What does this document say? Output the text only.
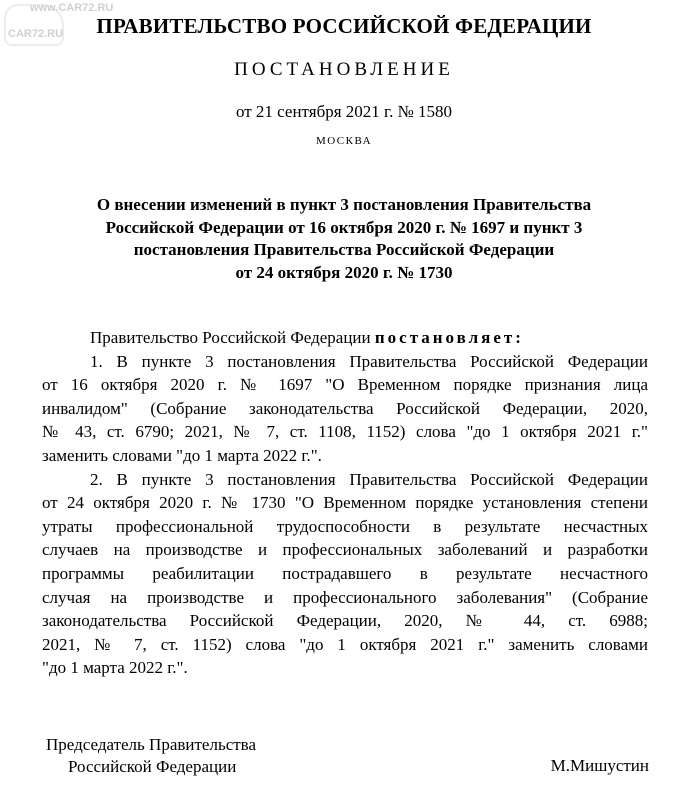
www.CAR72.RU
CAR72.RU	ПРАВИТЕЛЬСТВО РОССИЙСКОЙ ФЕДЕРАЦИИ
ПОСТАНОВЛЕНИЕ
от 21 сентября 2021 г. № 1580
МОСКВА
О внесении изменений в пункт 3 постановления Правительства
Российской Федерации от 16 октября 2020 г. № 1697 и пункт 3
постановления Правительства Российской Федерации
от 24 октября 2020 г. № 1730
Правительство Российской Федерации постановляет:
1. В пункте 3 постановления Правительства Российской Федерации
от 16 октября 2020 г. № 1697 "О Временном порядке признания лица
инвалидом" (Собрание законодательства Российской Федерации, 2020,
№ 43, ст. 6790; 2021, № 7, ст. 1108, 1152) слова "до 1 октября 2021 г."
заменить словами "до 1 марта 2022 г.".
2. В пункте 3 постановления Правительства Российской Федерации
от 24 октября 2020 г. № 1730 "О Временном порядке установления степени
утраты профессиональной трудоспособности в результате несчастных
случаев на производстве и профессиональных заболеваний и разработки
программы реабилитации пострадавшего в результате несчастного
случая на производстве и профессионального заболевания" (Собрание
законодательства Российской Федерации, 2020, № 44, ст. 6988;
2021, № 7, ст. 1152) слова "до 1 октября 2021 г." заменить словами
"до 1 марта 2022 г.".
Председатель Правительства
Российской Федерации	М.Мишустин
